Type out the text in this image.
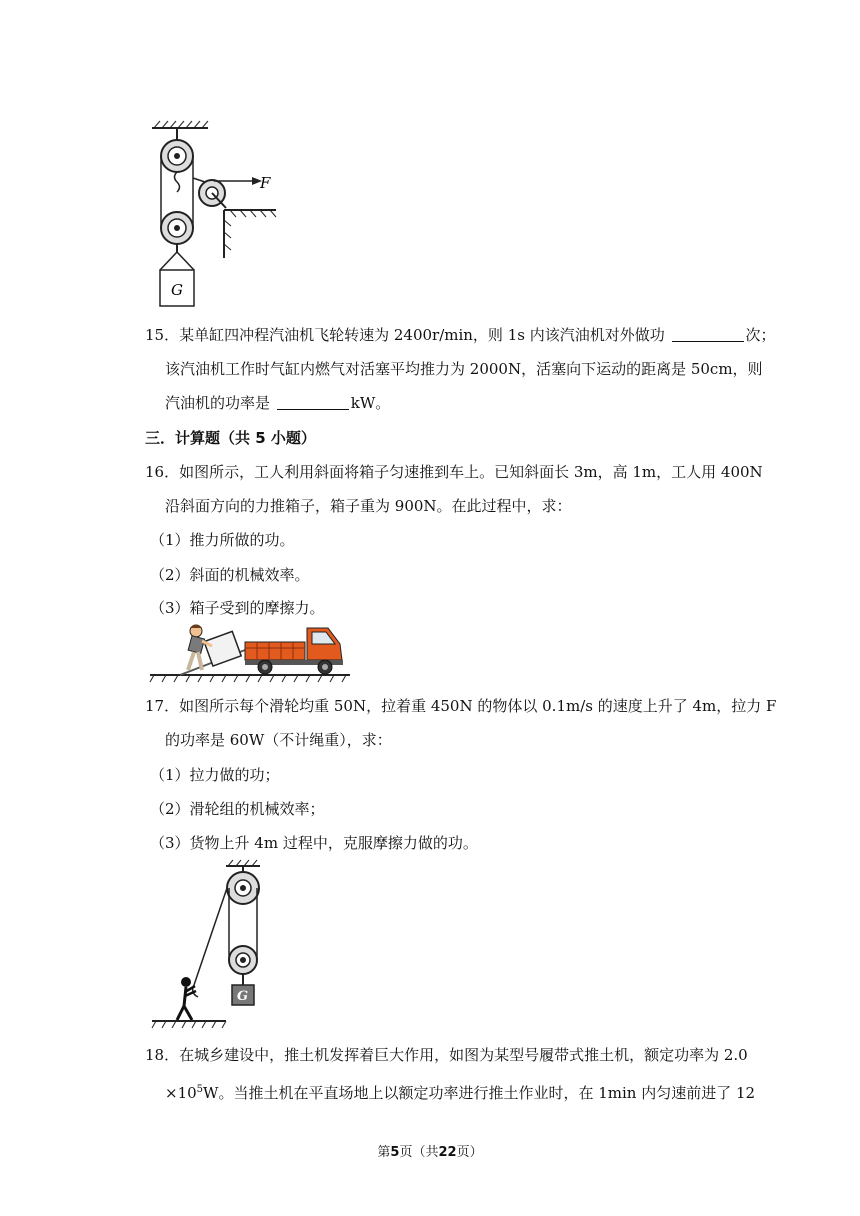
F
G
15．某单缸四冲程汽油机飞轮转速为 2400r/min，则 1s 内该汽油机对外做功	次；
该汽油机工作时气缸内燃气对活塞平均推力为 2000N，活塞向下运动的距离是 50cm，则
汽油机的功率是	kW。
三．计算题（共 5 小题）
16．如图所示，工人利用斜面将箱子匀速推到车上。已知斜面长 3m，高 1m，工人用 400N
沿斜面方向的力推箱子，箱子重为 900N。在此过程中，求：
（1）推力所做的功。
（2）斜面的机械效率。
（3）箱子受到的摩擦力。
17．如图所示每个滑轮均重 50N，拉着重 450N 的物体以 0.1m/s 的速度上升了 4m，拉力 F
的功率是 60W（不计绳重），求：
（1）拉力做的功；
（2）滑轮组的机械效率；
（3）货物上升 4m 过程中，克服摩擦力做的功。
G
18．在城乡建设中，推土机发挥着巨大作用，如图为某型号履带式推土机，额定功率为 2.0
$\times 10^5W$。当推土机在平直场地上以额定功率进行推土作业时，在 1min 内匀速前进了 12
第5页（共22页）
